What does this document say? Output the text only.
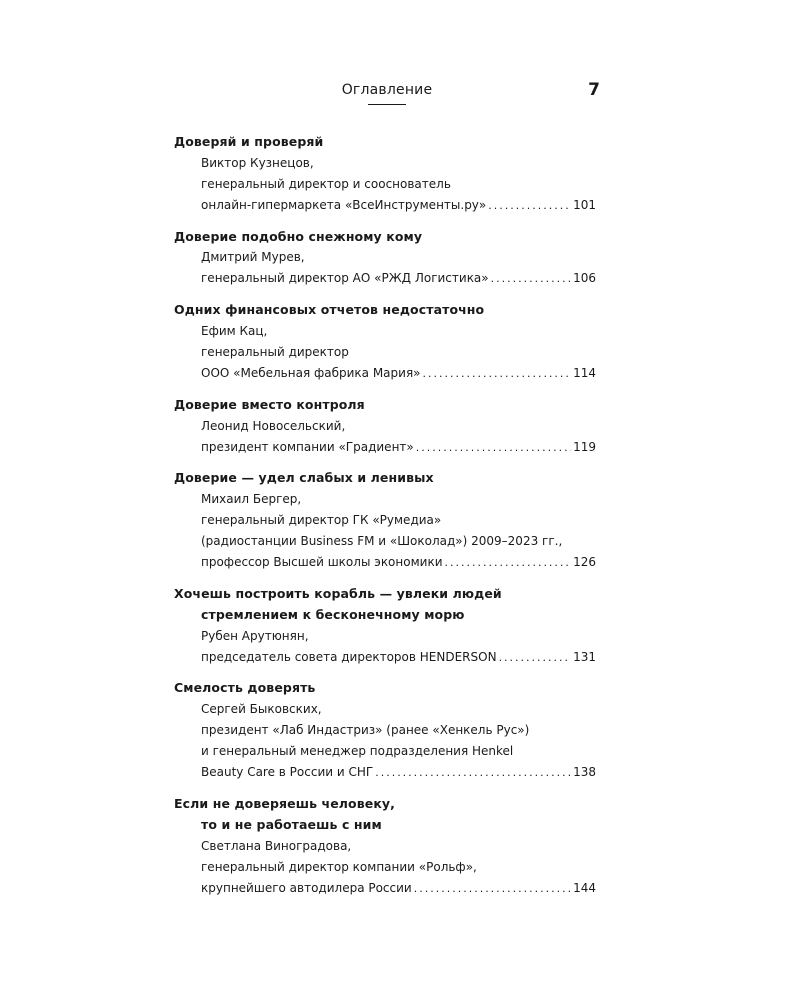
Оглавление	7
Доверяй и проверяй
Виктор Кузнецов,
генеральный директор и сооснователь
онлайн-гипермаркета «ВсеИнструменты.ру» .....	101
Доверие подобно снежному кому
Дмитрий Мурев,
генеральный директор АО «РЖД Логистика» .....	106
Одних финансовых отчетов недостаточно
Ефим Кац,
генеральный директор
ООО «Мебельная фабрика Мария» .....	114
Доверие вместо контроля
Леонид Новосельский,
президент компании «Градиент» .....	119
Доверие — удел слабых и ленивых
Михаил Бергер,
генеральный директор ГК «Румедиа»
(радиостанции Business FM и «Шоколад») 2009–2023 гг.,
профессор Высшей школы экономики .....	126
Хочешь построить корабль — увлеки людей
стремлением к бесконечному морю
Рубен Арутюнян,
председатель совета директоров HENDERSON .....	131
Смелость доверять
Сергей Быковских,
президент «Лаб Индастриз» (ранее «Хенкель Рус»)
и генеральный менеджер подразделения Henkel
Beauty Care в России и СНГ .....	138
Если не доверяешь человеку,
то и не работаешь с ним
Светлана Виноградова,
генеральный директор компании «Рольф»,
крупнейшего автодилера России .....	144
